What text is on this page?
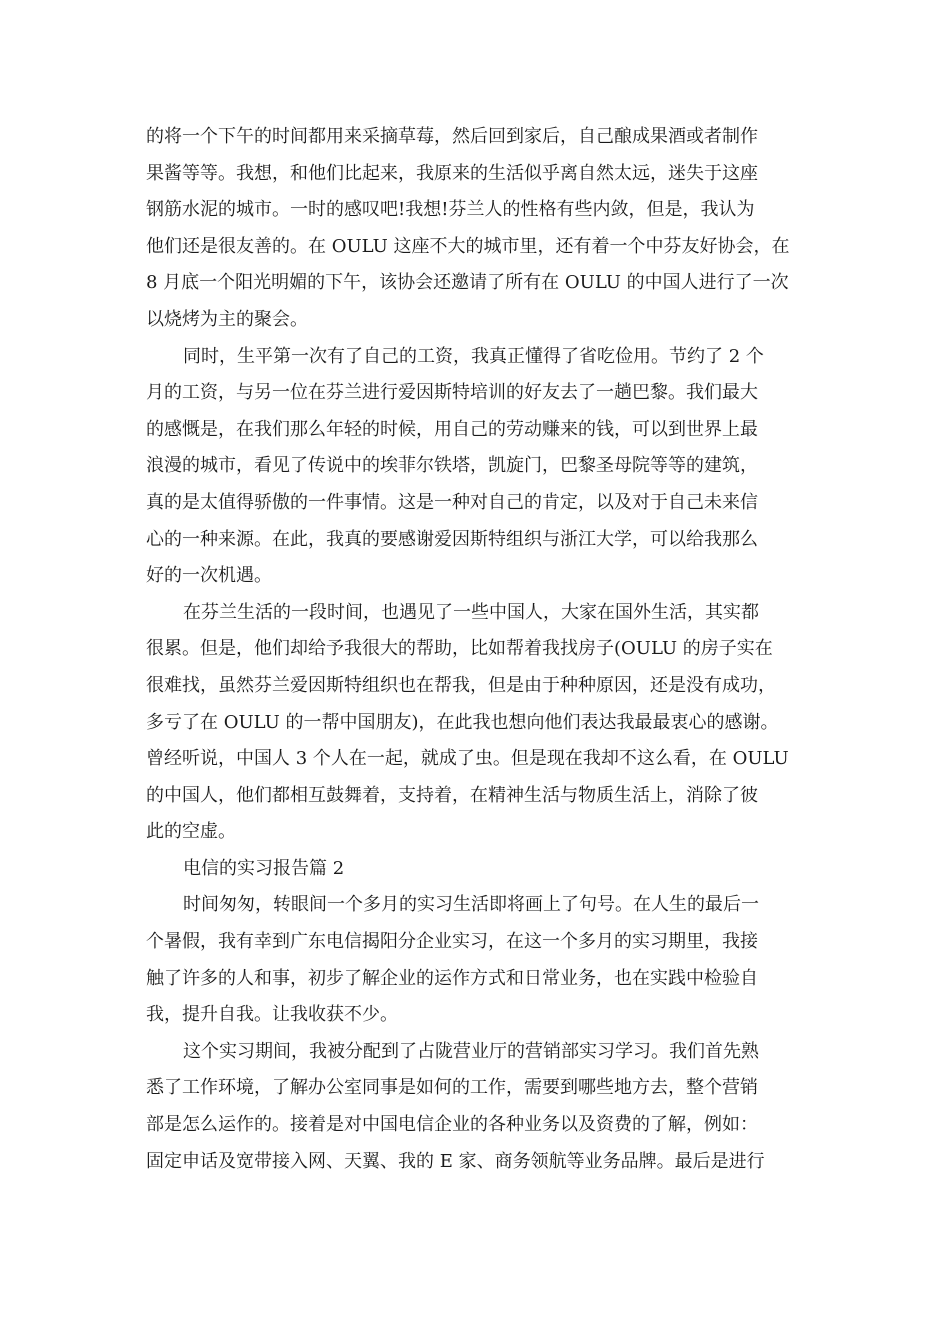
的将一个下午的时间都用来采摘草莓，然后回到家后，自己酿成果酒或者制作
果酱等等。我想，和他们比起来，我原来的生活似乎离自然太远，迷失于这座
钢筋水泥的城市。一时的感叹吧!我想!芬兰人的性格有些内敛，但是，我认为
他们还是很友善的。在 OULU 这座不大的城市里，还有着一个中芬友好协会，在
8 月底一个阳光明媚的下午，该协会还邀请了所有在 OULU 的中国人进行了一次
以烧烤为主的聚会。
同时，生平第一次有了自己的工资，我真正懂得了省吃俭用。节约了 2 个
月的工资，与另一位在芬兰进行爱因斯特培训的好友去了一趟巴黎。我们最大
的感慨是，在我们那么年轻的时候，用自己的劳动赚来的钱，可以到世界上最
浪漫的城市，看见了传说中的埃菲尔铁塔，凯旋门，巴黎圣母院等等的建筑，
真的是太值得骄傲的一件事情。这是一种对自己的肯定，以及对于自己未来信
心的一种来源。在此，我真的要感谢爱因斯特组织与浙江大学，可以给我那么
好的一次机遇。
在芬兰生活的一段时间，也遇见了一些中国人，大家在国外生活，其实都
很累。但是，他们却给予我很大的帮助，比如帮着我找房子(OULU 的房子实在
很难找，虽然芬兰爱因斯特组织也在帮我，但是由于种种原因，还是没有成功，
多亏了在 OULU 的一帮中国朋友)，在此我也想向他们表达我最最衷心的感谢。
曾经听说，中国人 3 个人在一起，就成了虫。但是现在我却不这么看，在 OULU
的中国人，他们都相互鼓舞着，支持着，在精神生活与物质生活上，消除了彼
此的空虚。
电信的实习报告篇 2
时间匆匆，转眼间一个多月的实习生活即将画上了句号。在人生的最后一
个暑假，我有幸到广东电信揭阳分企业实习，在这一个多月的实习期里，我接
触了许多的人和事，初步了解企业的运作方式和日常业务，也在实践中检验自
我，提升自我。让我收获不少。
这个实习期间，我被分配到了占陇营业厅的营销部实习学习。我们首先熟
悉了工作环境，了解办公室同事是如何的工作，需要到哪些地方去，整个营销
部是怎么运作的。接着是对中国电信企业的各种业务以及资费的了解，例如：
固定申话及宽带接入网、天翼、我的 E 家、商务领航等业务品牌。最后是进行
